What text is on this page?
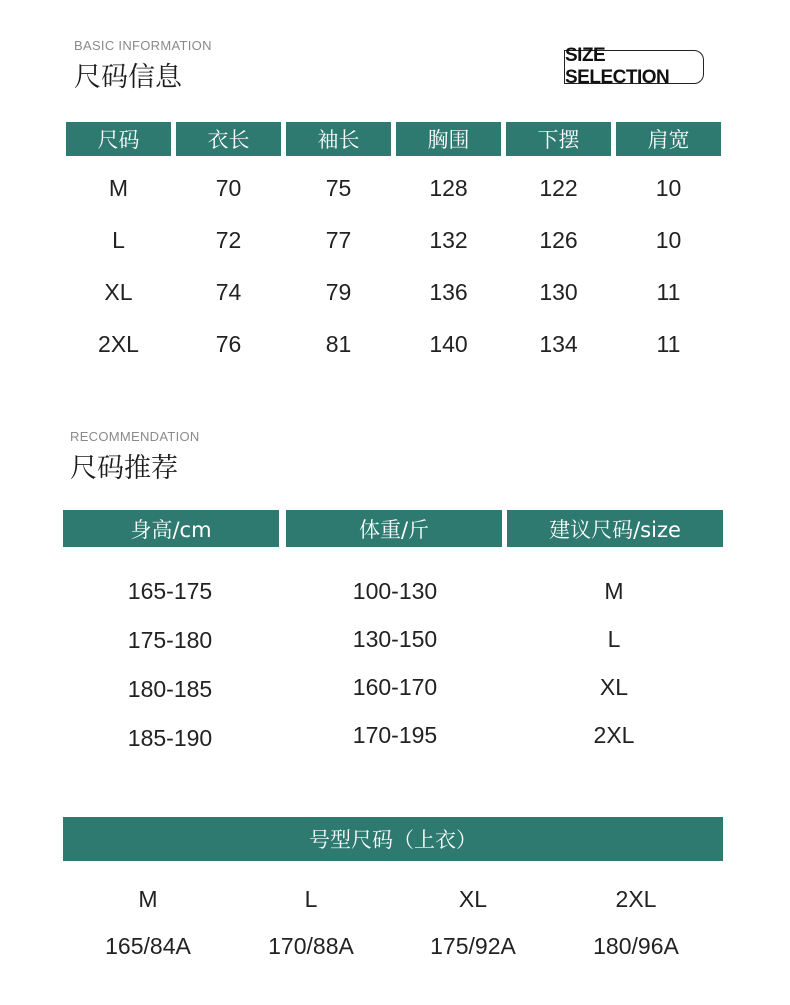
BASIC INFORMATION
尺码信息
SIZE SELECTION
尺码	衣长	袖长	胸围	下摆	肩宽
M	70	75	128	122	10
L	72	77	132	126	10
XL	74	79	136	130	11
2XL	76	81	140	134	11
RECOMMENDATION
尺码推荐
身高/cm	体重/斤	建议尺码/size
165-175	100-130	M
175-180	130-150	L
180-185	160-170	XL
185-190	170-195	2XL
号型尺码（上衣）
M	L	XL	2XL
165/84A	170/88A	175/92A	180/96A
